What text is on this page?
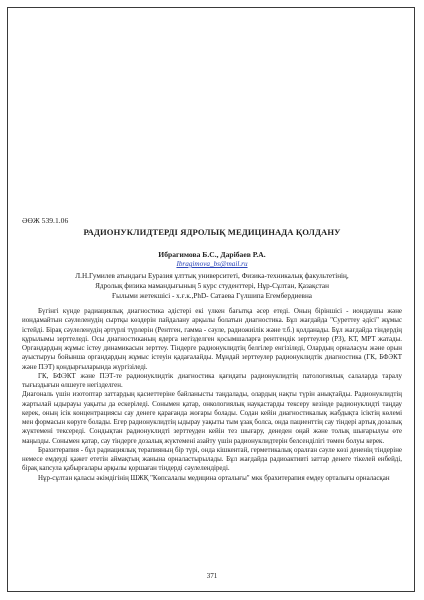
ӘӨЖ 539.1.06
РАДИОНУКЛИДТЕРДІ ЯДРОЛЫҚ МЕДИЦИНАДА ҚОЛДАНУ
Ибрагимова Б.С., Дарібаев Р.А.
Ibragimova_bs@mail.ru
Л.Н.Гумилев атындағы Еуразия ұлттық университеті, Физика-техникалық факультетінің,
Ядролық физика мамандығының 5 курс студенттері, Нұр-Сұлтан, Қазақстан
Ғылыми жетекшісі - х.ғ.к.,PhD- Сатаева Гүлшипа Егембердиевна

Бүгінгі күнде радиациялық диагностика әдістері екі үлкен бағытқа әсер етеді. Оның біріншісі - иондаушы және иондамайтын сәулеленудің сыртқы көздерін пайдалану арқылы болатын диагностика. Бұл жағдайда "Суреттеу әдісі" жұмыс істейді. Бірақ сәулеленудің әртүрлі түрлерін (Рентген, гамма - сәуле, радиожиілік және т.б.) қолданады. Бұл жағдайда тіндердің құрылымы зерттеледі. Осы диагностиканың ядерга негізделген қосымшаларға рентгендік зерттеулер (РЗ), КТ, МРТ жатады. Органдардың жұмыс істеу динамикасын зерттеу. Тіндерге радионуклидтің белгілер енгізіледі, Олардың орналасуы және орын ауыстыруы бойынша органдардың жұмыс істеуін қадағалайды. Мұндай зерттеулер радионуклидтік диагностика (ГК, БФЭКТ және ПЭТ) қондырғыларында жүргізіледі.

ГК, БФЭКТ және ПЭТ-те радионуклидтік диагностика қағидаты радионуклидтің патологиялық салаларда таралу тығыздығын өлшеуге негізделген.

Диагональ үшін изотоптар заттардың қасиеттеріне байланысты таңдалады, олардың нақты түрін анықтайды. Радионуклидтің жартылай ыдырауы уақыты да ескеріледі. Сонымен қатар, онкологиялық науқастарды тексеру кезінде радионуклидті таңдау керек, оның ісік концентрациясы сау денеге қарағанда жоғары болады. Содан кейін диагностикалық жабдықта ісіктің көлемі мен формасын көруге болады. Егер радионуклидтің ыдырау уақыты тым ұзақ болса, онда пациенттің сау тіндері артық дозалық жүктемені тексереді. Сондықтан радионуклидті зерттеуден кейін тез шығару, денеден оңай және толық шығарылуы өте маңызды. Сонымен қатар, сау тіндерге дозалық жүктемені азайту үшін радионуклидтерін белсенділігі төмен болуы керек.

Брахитерапия - бұл радиациялық терапияның бір түрі, онда кішкентай, герметикалық оралған сәуле көзі дененің тіндеріне немесе емдеуді қажет ететін аймақтың жанына орналастырылады. Бұл жағдайда радиоактивті заттар денеге тікелей енбейді, бірақ капсула қабырғалары арқылы қоршаған тіндерді сәулелендіреді.

Нұр-сұлтан қаласы әкімдігінің ШЖҚ "Көпсалалы медицина орталығы" мкк брахитерапия емдеу орталығы орналасқан

371
